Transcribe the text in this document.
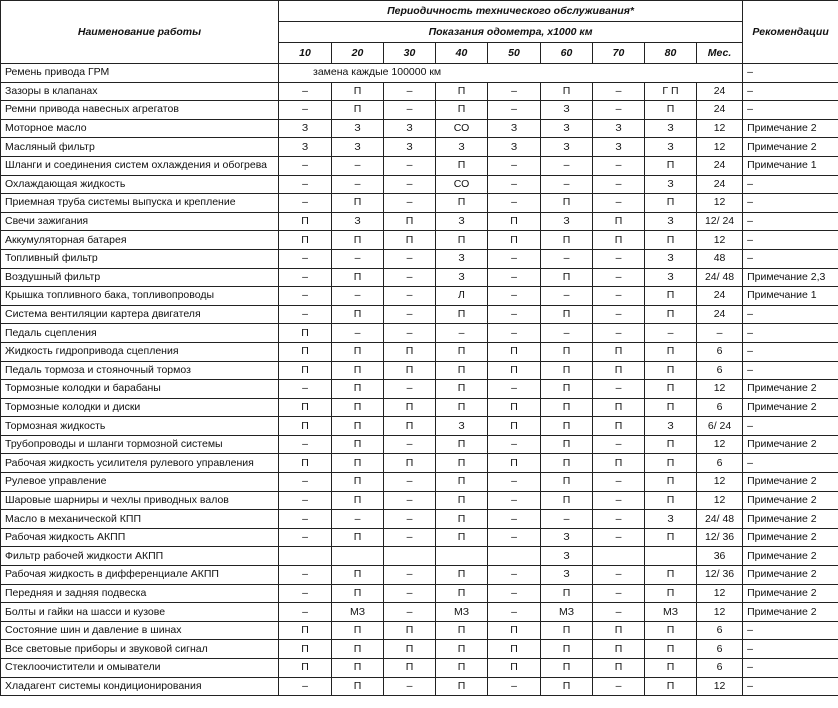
Наименование работы	Периодичность технического обслуживания*									Рекомендации
	Показания одометра, х1000 км									
	10	20	30	40	50	60	70	80	Мес.	
Ремень привода ГРМ	замена каждые 100000 км									–
Зазоры в клапанах	–	П	–	П	–	П	–	Г П	24	–
Ремни привода навесных агрегатов	–	П	–	П	–	З	–	П	24	–
Моторное масло	З	З	З	СО	З	З	З	З	12	Примечание 2
Масляный фильтр	З	З	З	З	З	З	З	З	12	Примечание 2
Шланги и соединения систем охлаждения и обогрева	–	–	–	П	–	–	–	П	24	Примечание 1
Охлаждающая жидкость	–	–	–	СО	–	–	–	З	24	–
Приемная труба системы выпуска и крепление	–	П	–	П	–	П	–	П	12	–
Свечи зажигания	П	З	П	З	П	З	П	З	12/ 24	–
Аккумуляторная батарея	П	П	П	П	П	П	П	П	12	–
Топливный фильтр	–	–	–	З	–	–	–	З	48	–
Воздушный фильтр	–	П	–	З	–	П	–	З	24/ 48	Примечание 2,3
Крышка топливного бака, топливопроводы	–	–	–	Л	–	–	–	П	24	Примечание 1
Система вентиляции картера двигателя	–	П	–	П	–	П	–	П	24	–
Педаль сцепления	П	–	–	–	–	–	–	–	–	–
Жидкость гидропривода сцепления	П	П	П	П	П	П	П	П	6	–
Педаль тормоза и стояночный тормоз	П	П	П	П	П	П	П	П	6	–
Тормозные колодки и барабаны	–	П	–	П	–	П	–	П	12	Примечание 2
Тормозные колодки и диски	П	П	П	П	П	П	П	П	6	Примечание 2
Тормозная жидкость	П	П	П	З	П	П	П	З	6/ 24	–
Трубопроводы и шланги тормозной системы	–	П	–	П	–	П	–	П	12	Примечание 2
Рабочая жидкость усилителя рулевого управления	П	П	П	П	П	П	П	П	6	–
Рулевое управление	–	П	–	П	–	П	–	П	12	Примечание 2
Шаровые шарниры и чехлы приводных валов	–	П	–	П	–	П	–	П	12	Примечание 2
Масло в механической КПП	–	–	–	П	–	–	–	З	24/ 48	Примечание 2
Рабочая жидкость АКПП	–	П	–	П	–	З	–	П	12/ 36	Примечание 2
Фильтр рабочей жидкости АКПП						З			36	Примечание 2
Рабочая жидкость в дифференциале АКПП	–	П	–	П	–	З	–	П	12/ 36	Примечание 2
Передняя и задняя подвеска	–	П	–	П	–	П	–	П	12	Примечание 2
Болты и гайки на шасси и кузове	–	МЗ	–	МЗ	–	МЗ	–	МЗ	12	Примечание 2
Состояние шин и давление в шинах	П	П	П	П	П	П	П	П	6	–
Все световые приборы и звуковой сигнал	П	П	П	П	П	П	П	П	6	–
Стеклоочистители и омыватели	П	П	П	П	П	П	П	П	6	–
Хладагент системы кондиционирования	–	П	–	П	–	П	–	П	12	–
